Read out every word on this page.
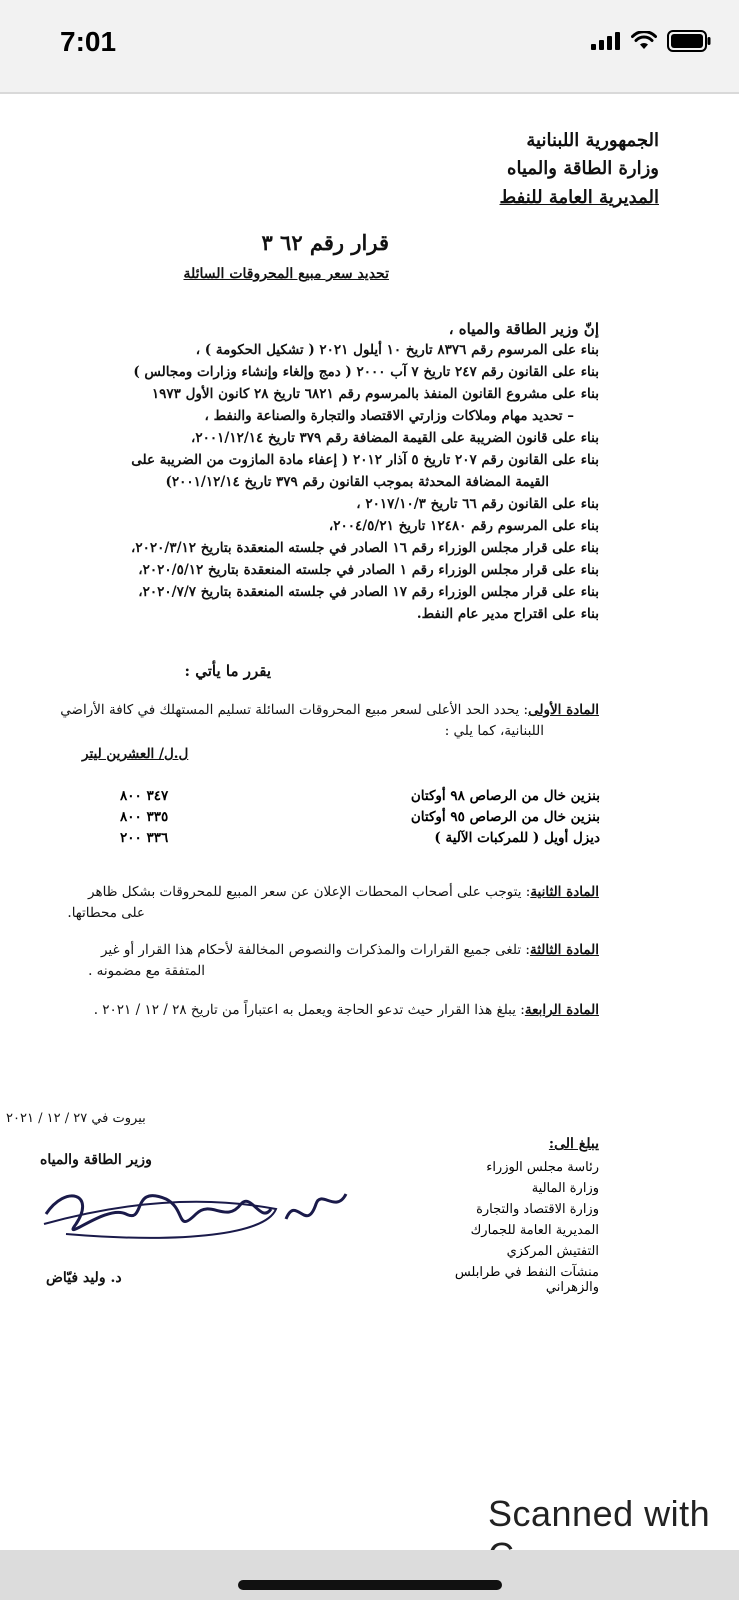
7:01
الجمهورية اللبنانية
وزارة الطاقة والمياه
المديرية العامة للنفط
قرار رقم ٦٢ ٣
تحديد سعر مبيع المحروقات السائلة
إنّ وزير الطاقة والمياه ،
بناء على المرسوم رقم ٨٣٧٦ تاريخ ١٠ أيلول ٢٠٢١ ( تشكيل الحكومة ) ،
بناء على القانون رقم ٢٤٧ تاريخ ٧ آب ٢٠٠٠ ( دمج وإلغاء وإنشاء وزارات ومجالس )
بناء على مشروع القانون المنفذ بالمرسوم رقم ٦٨٢١ تاريخ ٢٨ كانون الأول ١٩٧٣
– تحديد مهام وملاكات وزارتي الاقتصاد والتجارة والصناعة والنفط ،
بناء على قانون الضريبة على القيمة المضافة رقم ٣٧٩ تاريخ ٢٠٠١/١٢/١٤،
بناء على القانون رقم ٢٠٧ تاريخ ٥ آذار ٢٠١٢ ( إعفاء مادة المازوت من الضريبة على
القيمة المضافة المحدثة بموجب القانون رقم ٣٧٩ تاريخ ٢٠٠١/١٢/١٤)
بناء على القانون رقم ٦٦ تاريخ ٢٠١٧/١٠/٣ ،
بناء على المرسوم رقم ١٢٤٨٠ تاريخ ٢٠٠٤/٥/٢١،
بناء على قرار مجلس الوزراء رقم ١٦ الصادر في جلسته المنعقدة بتاريخ ٢٠٢٠/٣/١٢،
بناء على قرار مجلس الوزراء رقم ١ الصادر في جلسته المنعقدة بتاريخ ٢٠٢٠/٥/١٢،
بناء على قرار مجلس الوزراء رقم ١٧ الصادر في جلسته المنعقدة بتاريخ ٢٠٢٠/٧/٧،
بناء على اقتراح مدير عام النفط.
يقرر ما يأتي :
المادة الأولى: يحدد الحد الأعلى لسعر مبيع المحروقات السائلة تسليم المستهلك في كافة الأراضي
اللبنانية، كما يلي :
ل.ل/ العشرين ليتر
بنزين خال من الرصاص ٩٨ أوكتان
٣٤٧ ٨٠٠
بنزين خال من الرصاص ٩٥ أوكتان
٣٣٥ ٨٠٠
ديزل أويل ( للمركبات الآلية )
٣٣٦ ٢٠٠
المادة الثانية: يتوجب على أصحاب المحطات الإعلان عن سعر المبيع للمحروقات بشكل ظاهر
على محطاتها.
المادة الثالثة: تلغى جميع القرارات والمذكرات والنصوص المخالفة لأحكام هذا القرار أو غير
المتفقة مع مضمونه .
المادة الرابعة: يبلغ هذا القرار حيث تدعو الحاجة ويعمل به اعتباراً من تاريخ ٢٨ / ١٢ / ٢٠٢١ .
بيروت في ٢٧ / ١٢ / ٢٠٢١
وزير الطاقة والمياه
د. وليد فيّاض
يبلغ الى:
رئاسة مجلس الوزراء
وزارة المالية
وزارة الاقتصاد والتجارة
المديرية العامة للجمارك
التفتيش المركزي
منشآت النفط في طرابلس والزهراني
Scanned with
